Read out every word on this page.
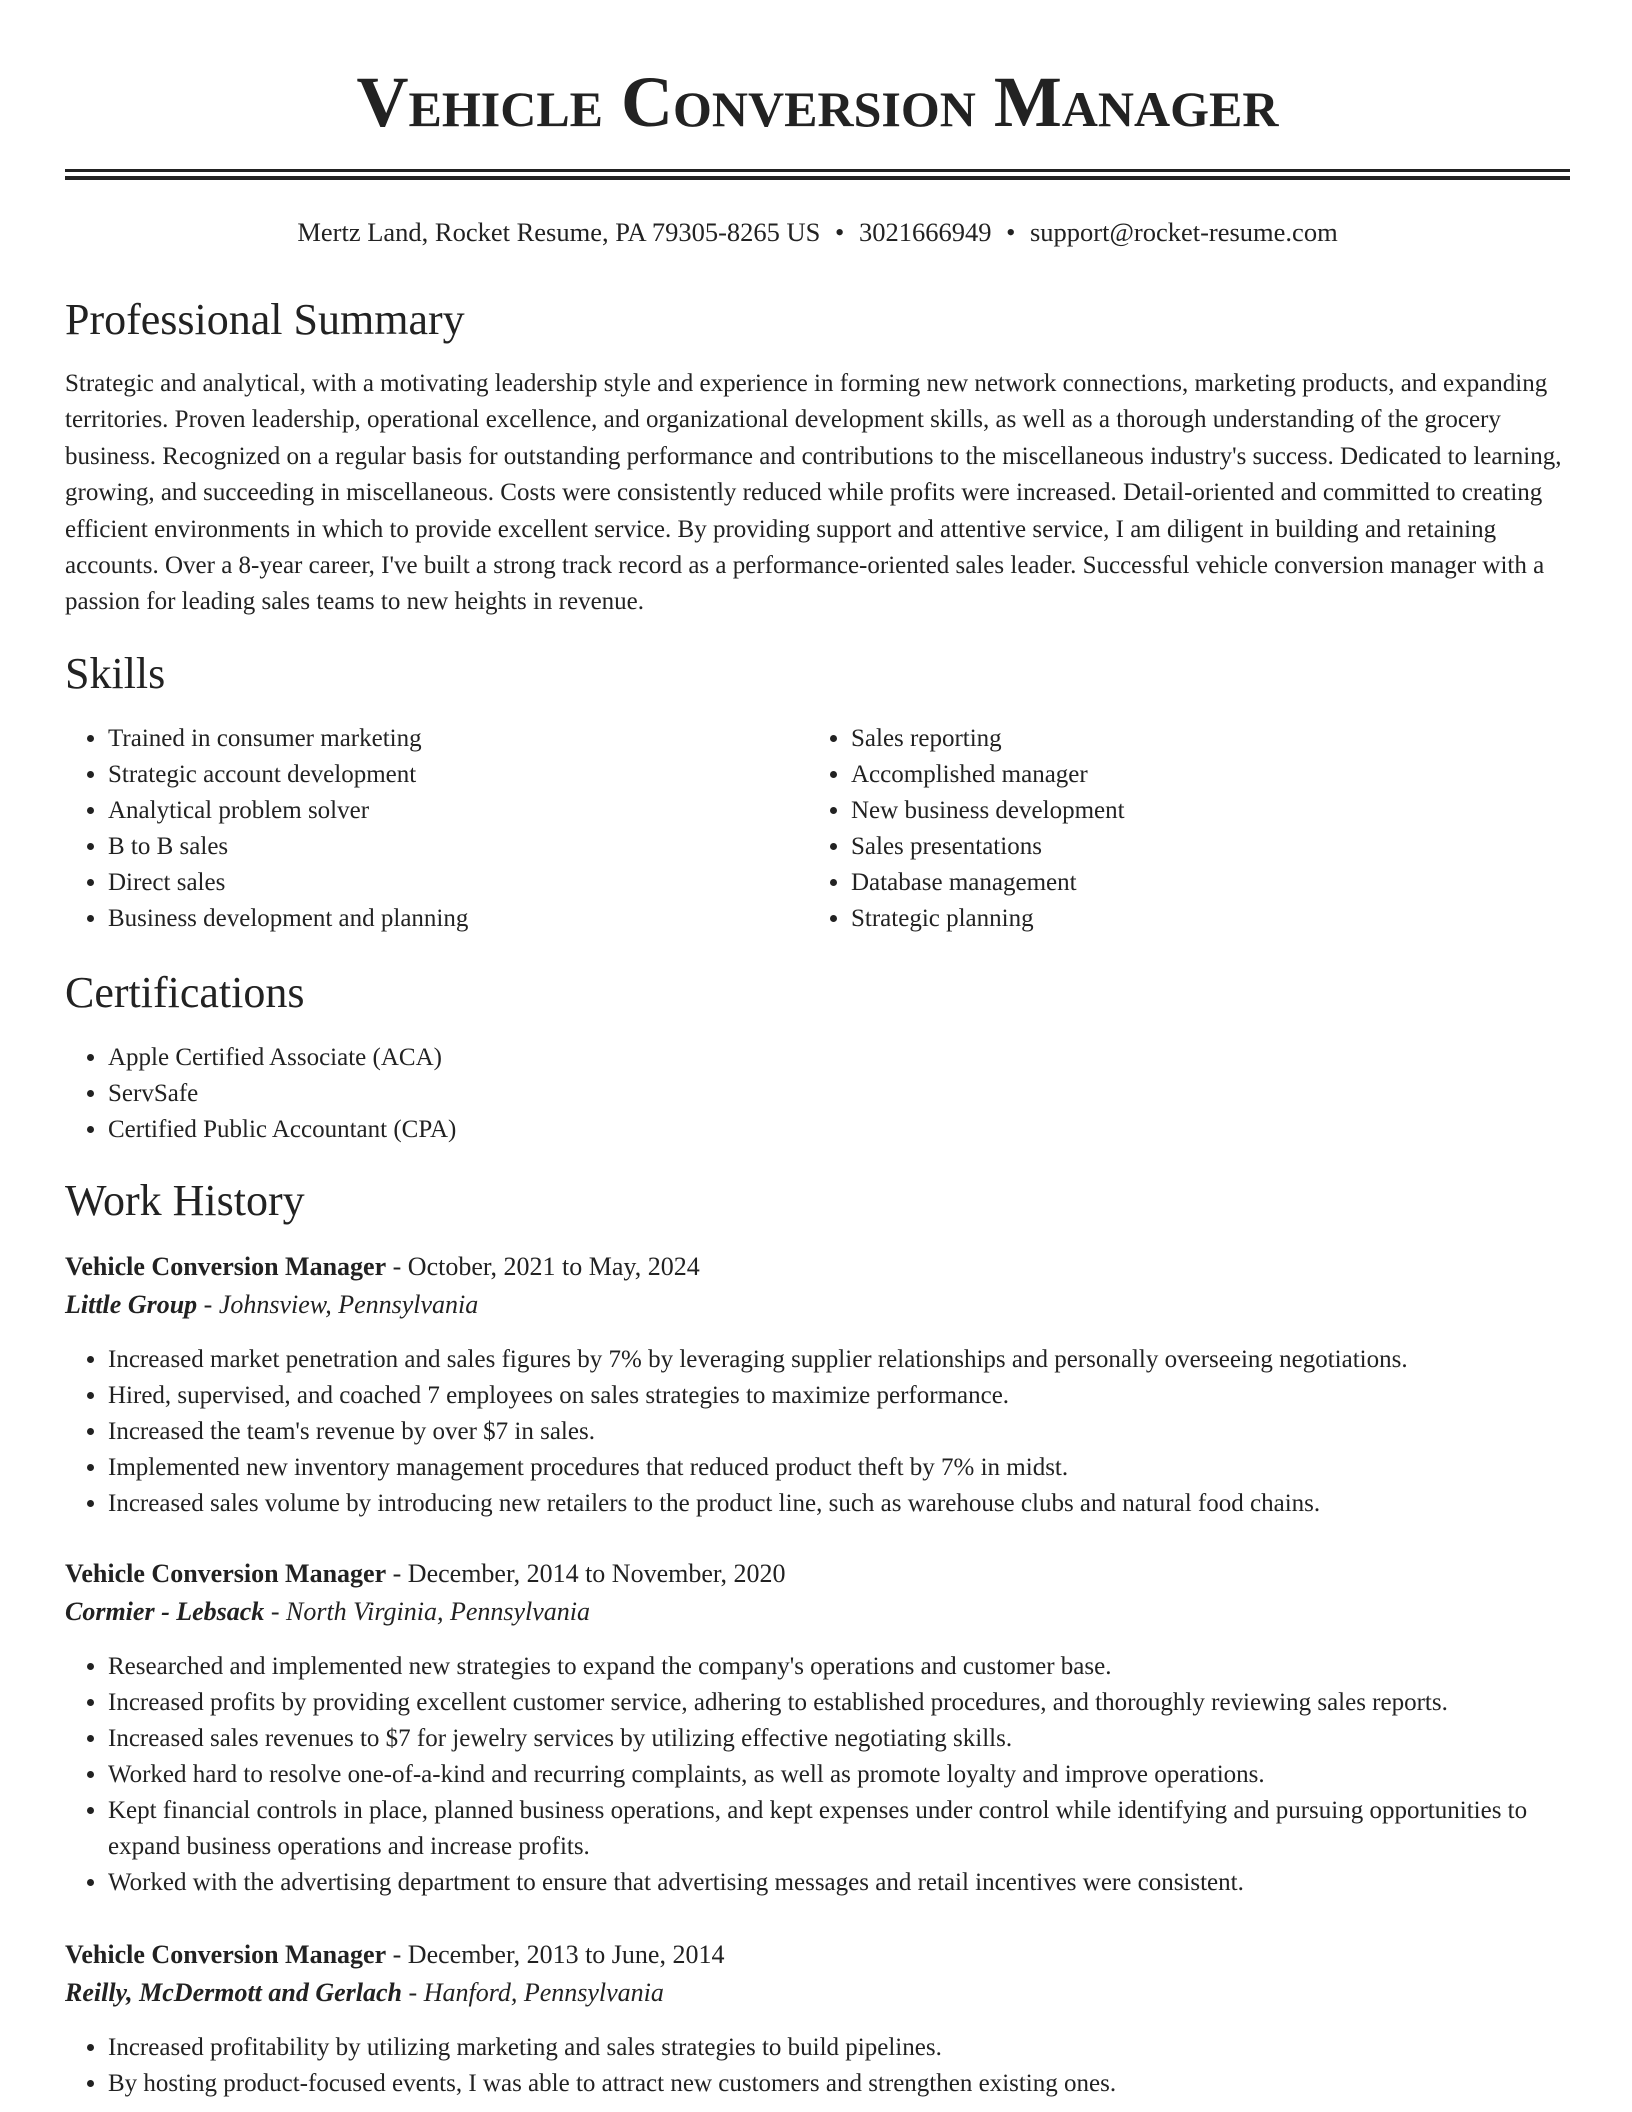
Vehicle Conversion Manager
Mertz Land, Rocket Resume, PA 79305-8265 US • 3021666949 • support@rocket-resume.com
Professional Summary

Strategic and analytical, with a motivating leadership style and experience in forming new network connections, marketing products, and expanding territories. Proven leadership, operational excellence, and organizational development skills, as well as a thorough understanding of the grocery business. Recognized on a regular basis for outstanding performance and contributions to the miscellaneous industry's success. Dedicated to learning, growing, and succeeding in miscellaneous. Costs were consistently reduced while profits were increased. Detail-oriented and committed to creating efficient environments in which to provide excellent service. By providing support and attentive service, I am diligent in building and retaining accounts. Over a 8-year career, I've built a strong track record as a performance-oriented sales leader. Successful vehicle conversion manager with a passion for leading sales teams to new heights in revenue.

Skills
• Trained in consumer marketing
• Strategic account development
• Analytical problem solver
• B to B sales
• Direct sales
• Business development and planning
• Sales reporting
• Accomplished manager
• New business development
• Sales presentations
• Database management
• Strategic planning
Certifications
• Apple Certified Associate (ACA)
• ServSafe
• Certified Public Accountant (CPA)
Work History
Vehicle Conversion Manager - October, 2021 to May, 2024
Little Group - Johnsview, Pennsylvania
• Increased market penetration and sales figures by 7% by leveraging supplier relationships and personally overseeing negotiations.
• Hired, supervised, and coached 7 employees on sales strategies to maximize performance.
• Increased the team's revenue by over $7 in sales.
• Implemented new inventory management procedures that reduced product theft by 7% in midst.
• Increased sales volume by introducing new retailers to the product line, such as warehouse clubs and natural food chains.
Vehicle Conversion Manager - December, 2014 to November, 2020
Cormier - Lebsack - North Virginia, Pennsylvania
• Researched and implemented new strategies to expand the company's operations and customer base.
• Increased profits by providing excellent customer service, adhering to established procedures, and thoroughly reviewing sales reports.
• Increased sales revenues to $7 for jewelry services by utilizing effective negotiating skills.
• Worked hard to resolve one-of-a-kind and recurring complaints, as well as promote loyalty and improve operations.
• Kept financial controls in place, planned business operations, and kept expenses under control while identifying and pursuing opportunities to expand business operations and increase profits.
• Worked with the advertising department to ensure that advertising messages and retail incentives were consistent.
Vehicle Conversion Manager - December, 2013 to June, 2014
Reilly, McDermott and Gerlach - Hanford, Pennsylvania
• Increased profitability by utilizing marketing and sales strategies to build pipelines.
• By hosting product-focused events, I was able to attract new customers and strengthen existing ones.
